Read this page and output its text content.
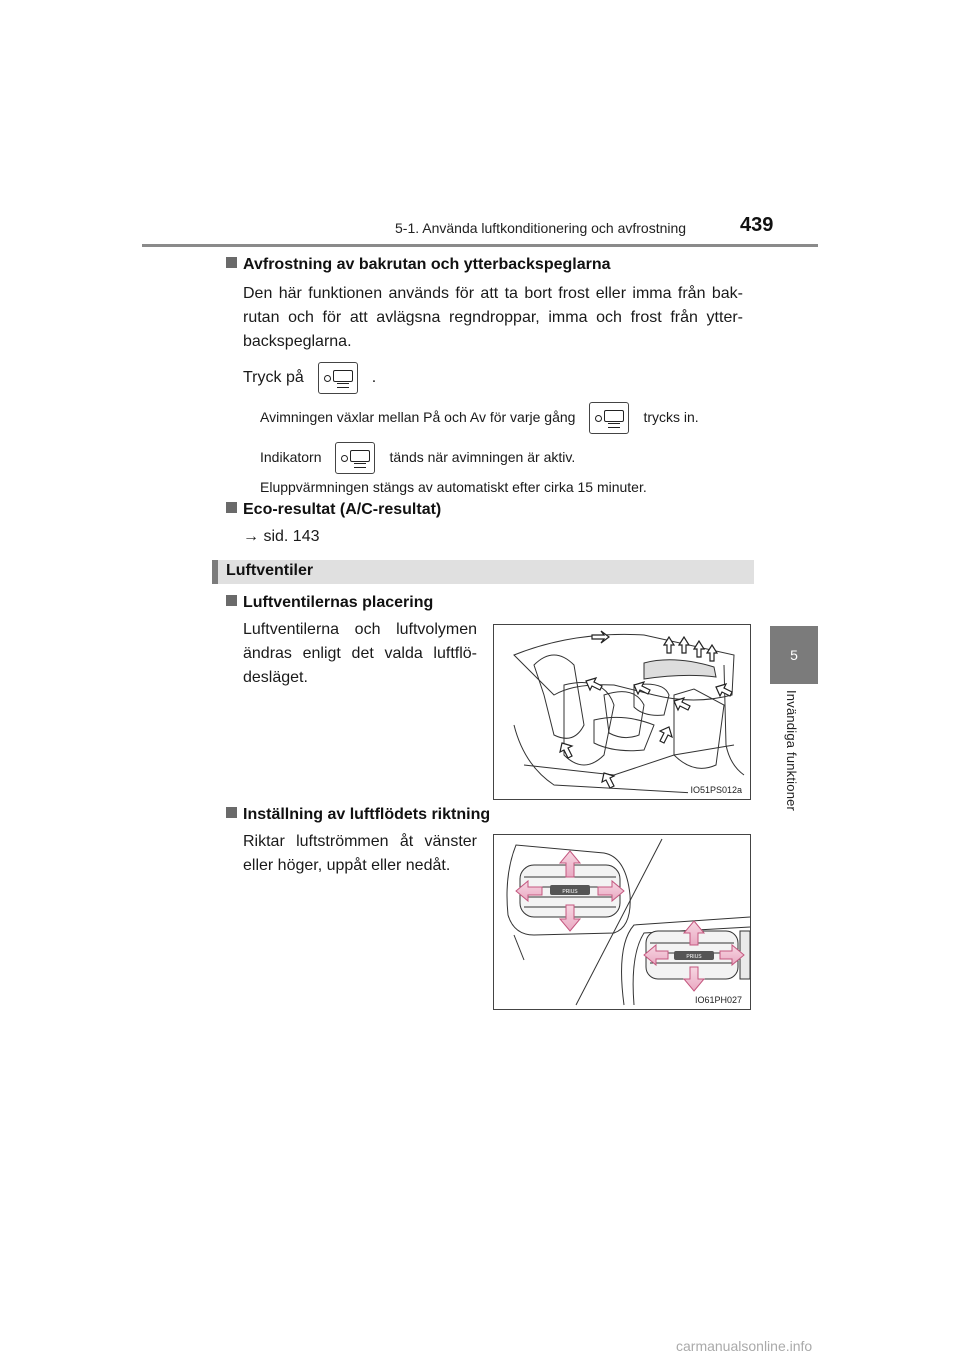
5-1. Använda luftkonditionering och avfrostning	439
5
Invändiga funktioner
Avfrostning av bakrutan och ytterbackspeglarna
Den här funktionen används för att ta bort frost eller imma från bak-rutan och för att avlägsna regndroppar, imma och frost från ytter-backspeglarna.
Tryck på	.
Avimningen växlar mellan På och Av för varje gång	trycks in.
Indikatorn	tänds när avimningen är aktiv.
Eluppvärmningen stängs av automatiskt efter cirka 15 minuter.
Eco-resultat (A/C-resultat)
→ sid. 143
Luftventiler
Luftventilernas placering
Luftventilerna och luftvolymen ändras enligt det valda luftflö-desläget.
IO51PS012a
Inställning av luftflödets riktning
Riktar luftströmmen åt vänster eller höger, uppåt eller nedåt.
PRIUS
PRIUS
IO61PH027
carmanualsonline.info
